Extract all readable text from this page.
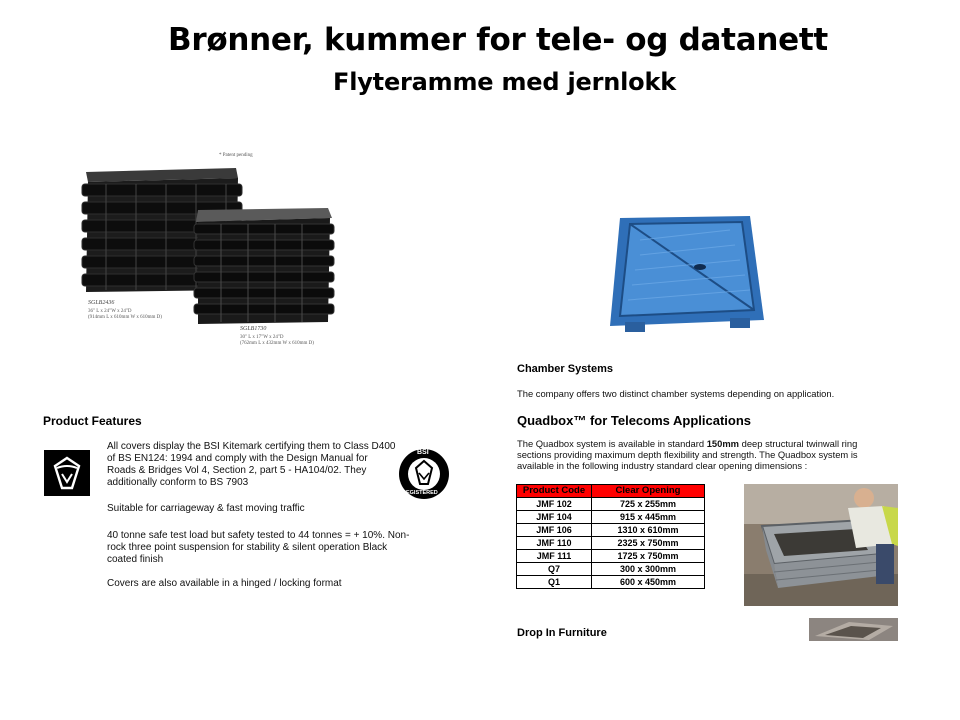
Brønner, kummer for tele- og datanett
Flyteramme med jernlokk
* Patent pending
SGLB2436
36" L x 24"W x 24"D
(914mm L x 610mm W x 610mm D)
SGLB1730
30" L x 17"W x 24"D
(762mm L x 432mm W x 610mm D)
Product Features
BSI
REGISTERED
All covers display the BSI Kitemark certifying them to Class D400 of BS EN124: 1994 and comply with the Design Manual for Roads & Bridges Vol 4, Section 2, part 5 - HA104/02. They additionally conform to BS 7903
Suitable for carriageway & fast moving traffic
40 tonne safe test load but safety tested to 44 tonnes = + 10%. Non-rock three point suspension for stability & silent operation Black coated finish
Covers are also available in a hinged / locking format
Chamber Systems
The company offers two distinct chamber systems depending on application.
Quadbox™ for Telecoms Applications
The Quadbox system is available in standard 150mm deep structural twinwall ring sections providing maximum depth flexibility and strength. The Quadbox system is available in the following industry standard clear opening dimensions :
Product Code	Clear Opening
JMF 102	725 x 255mm
JMF 104	915 x 445mm
JMF 106	1310 x 610mm
JMF 110	2325 x 750mm
JMF 111	1725 x 750mm
Q7	300 x 300mm
Q1	600 x 450mm
Drop In Furniture
